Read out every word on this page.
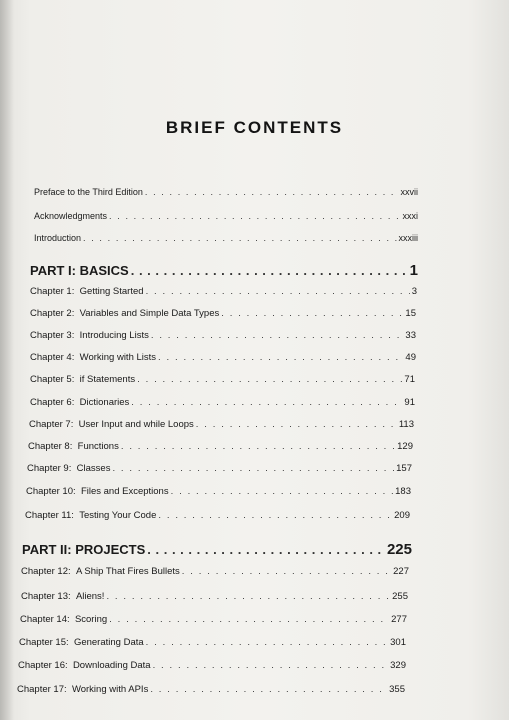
BRIEF CONTENTS
Preface to the Third Edition . . .	xxvii
Acknowledgments . . .	xxxi
Introduction . . .	xxxiii
PART I: BASICS . . .	1
Chapter 1: Getting Started . . .	3
Chapter 2: Variables and Simple Data Types . . .	15
Chapter 3: Introducing Lists . . .	33
Chapter 4: Working with Lists . . .	49
Chapter 5: if Statements . . .	71
Chapter 6: Dictionaries . . .	91
Chapter 7: User Input and while Loops . . .	113
Chapter 8: Functions . . .	129
Chapter 9: Classes . . .	157
Chapter 10: Files and Exceptions . . .	183
Chapter 11: Testing Your Code . . .	209
PART II: PROJECTS . . .	225
Chapter 12: A Ship That Fires Bullets . . .	227
Chapter 13: Aliens! . . .	255
Chapter 14: Scoring . . .	277
Chapter 15: Generating Data . . .	301
Chapter 16: Downloading Data . . .	329
Chapter 17: Working with APIs . . .	355
